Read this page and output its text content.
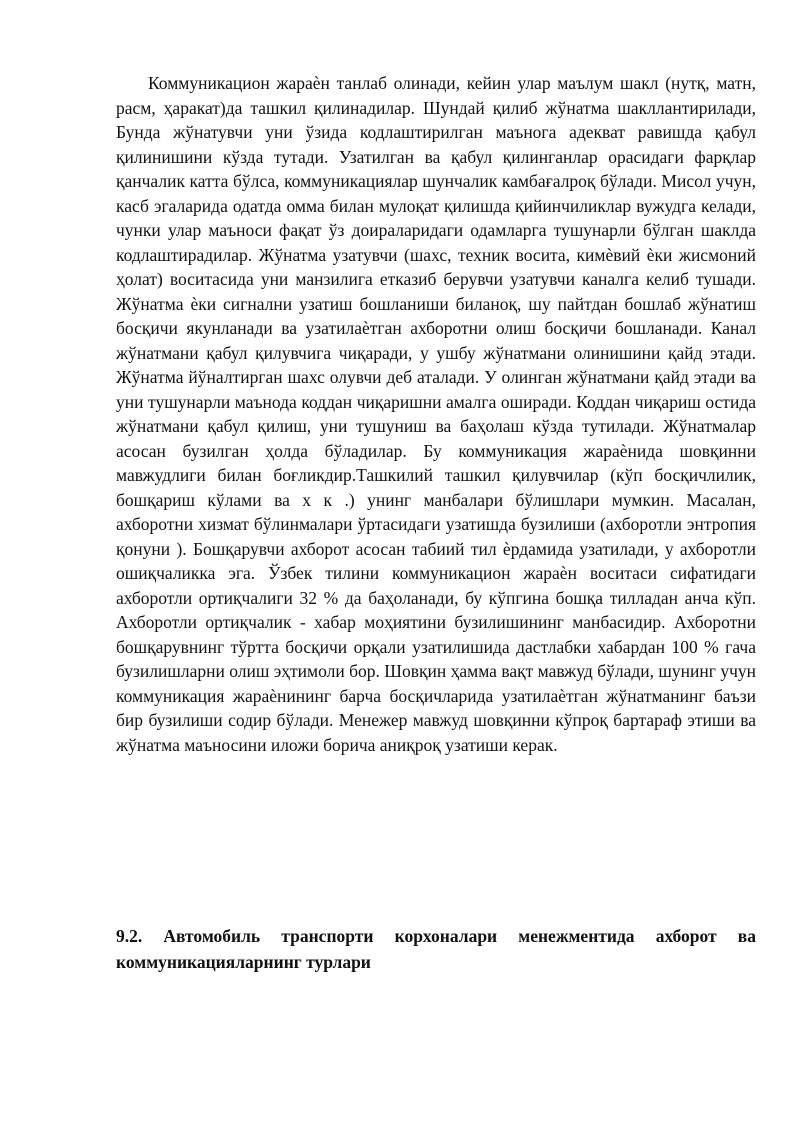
Коммуникацион жараѐн танлаб олинади, кейин улар маълум шакл (нутқ, матн, расм, ҳаракат)да ташкил қилинадилар. Шундай қилиб жўнатма шакллантирилади, Бунда жўнатувчи уни ўзида кодлаштирилган маънога адекват равишда қабул қилинишини кўзда тутади. Узатилган ва қабул қилинганлар орасидаги фарқлар қанчалик катта бўлса, коммуникациялар шунчалик камбағалроқ бўлади. Мисол учун, касб эгаларида одатда омма билан мулоқат қилишда қийинчиликлар вужудга келади, чунки улар маъноси фақат ўз доираларидаги одамларга тушунарли бўлган шаклда кодлаштирадилар. Жўнатма узатувчи (шахс, техник восита, кимѐвий ѐки жисмоний ҳолат) воситасида уни манзилига етказиб берувчи узатувчи каналга келиб тушади. Жўнатма ѐки сигнални узатиш бошланиши биланоқ, шу пайтдан бошлаб жўнатиш босқичи якунланади ва узатилаѐтган ахборотни олиш босқичи бошланади. Канал жўнатмани қабул қилувчига чиқаради, у ушбу жўнатмани олинишини қайд этади. Жўнатма йўналтирган шахс олувчи деб аталади. У олинган жўнатмани қайд этади ва уни тушунарли маънода коддан чиқаришни амалга оширади. Коддан чиқариш остида жўнатмани қабул қилиш, уни тушуниш ва баҳолаш кўзда тутилади. Жўнатмалар асосан бузилган ҳолда бўладилар. Бу коммуникация жараѐнида шовқинни мавжудлиги билан боғликдир.Ташкилий ташкил қилувчилар (кўп босқичлилик, бошқариш кўлами ва х к .) унинг манбалари бўлишлари мумкин. Масалан, ахборотни хизмат бўлинмалари ўртасидаги узатишда бузилиши (ахборотли энтропия қонуни ). Бошқарувчи ахборот асосан табиий тил ѐрдамида узатилади, у ахборотли ошиқчаликка эга. Ўзбек тилини коммуникацион жараѐн воситаси сифатидаги ахборотли ортиқчалиги 32 % да баҳоланади, бу кўпгина бошқа тилладан анча кўп. Ахборотли ортиқчалик - хабар моҳиятини бузилишининг манбасидир. Ахборотни бошқарувнинг тўртта босқичи орқали узатилишида дастлабки хабардан 100 % гача бузилишларни олиш эҳтимоли бор. Шовқин ҳамма вақт мавжуд бўлади, шунинг учун коммуникация жараѐнининг барча босқичларида узатилаѐтган жўнатманинг баъзи бир бузилиши содир бўлади. Менежер мавжуд шовқинни кўпроқ бартараф этиши ва жўнатма маъносини иложи борича аниқроқ узатиши керак.

9.2. Автомобиль транспорти корхоналари менежментида ахборот ва коммуникацияларнинг турлари
